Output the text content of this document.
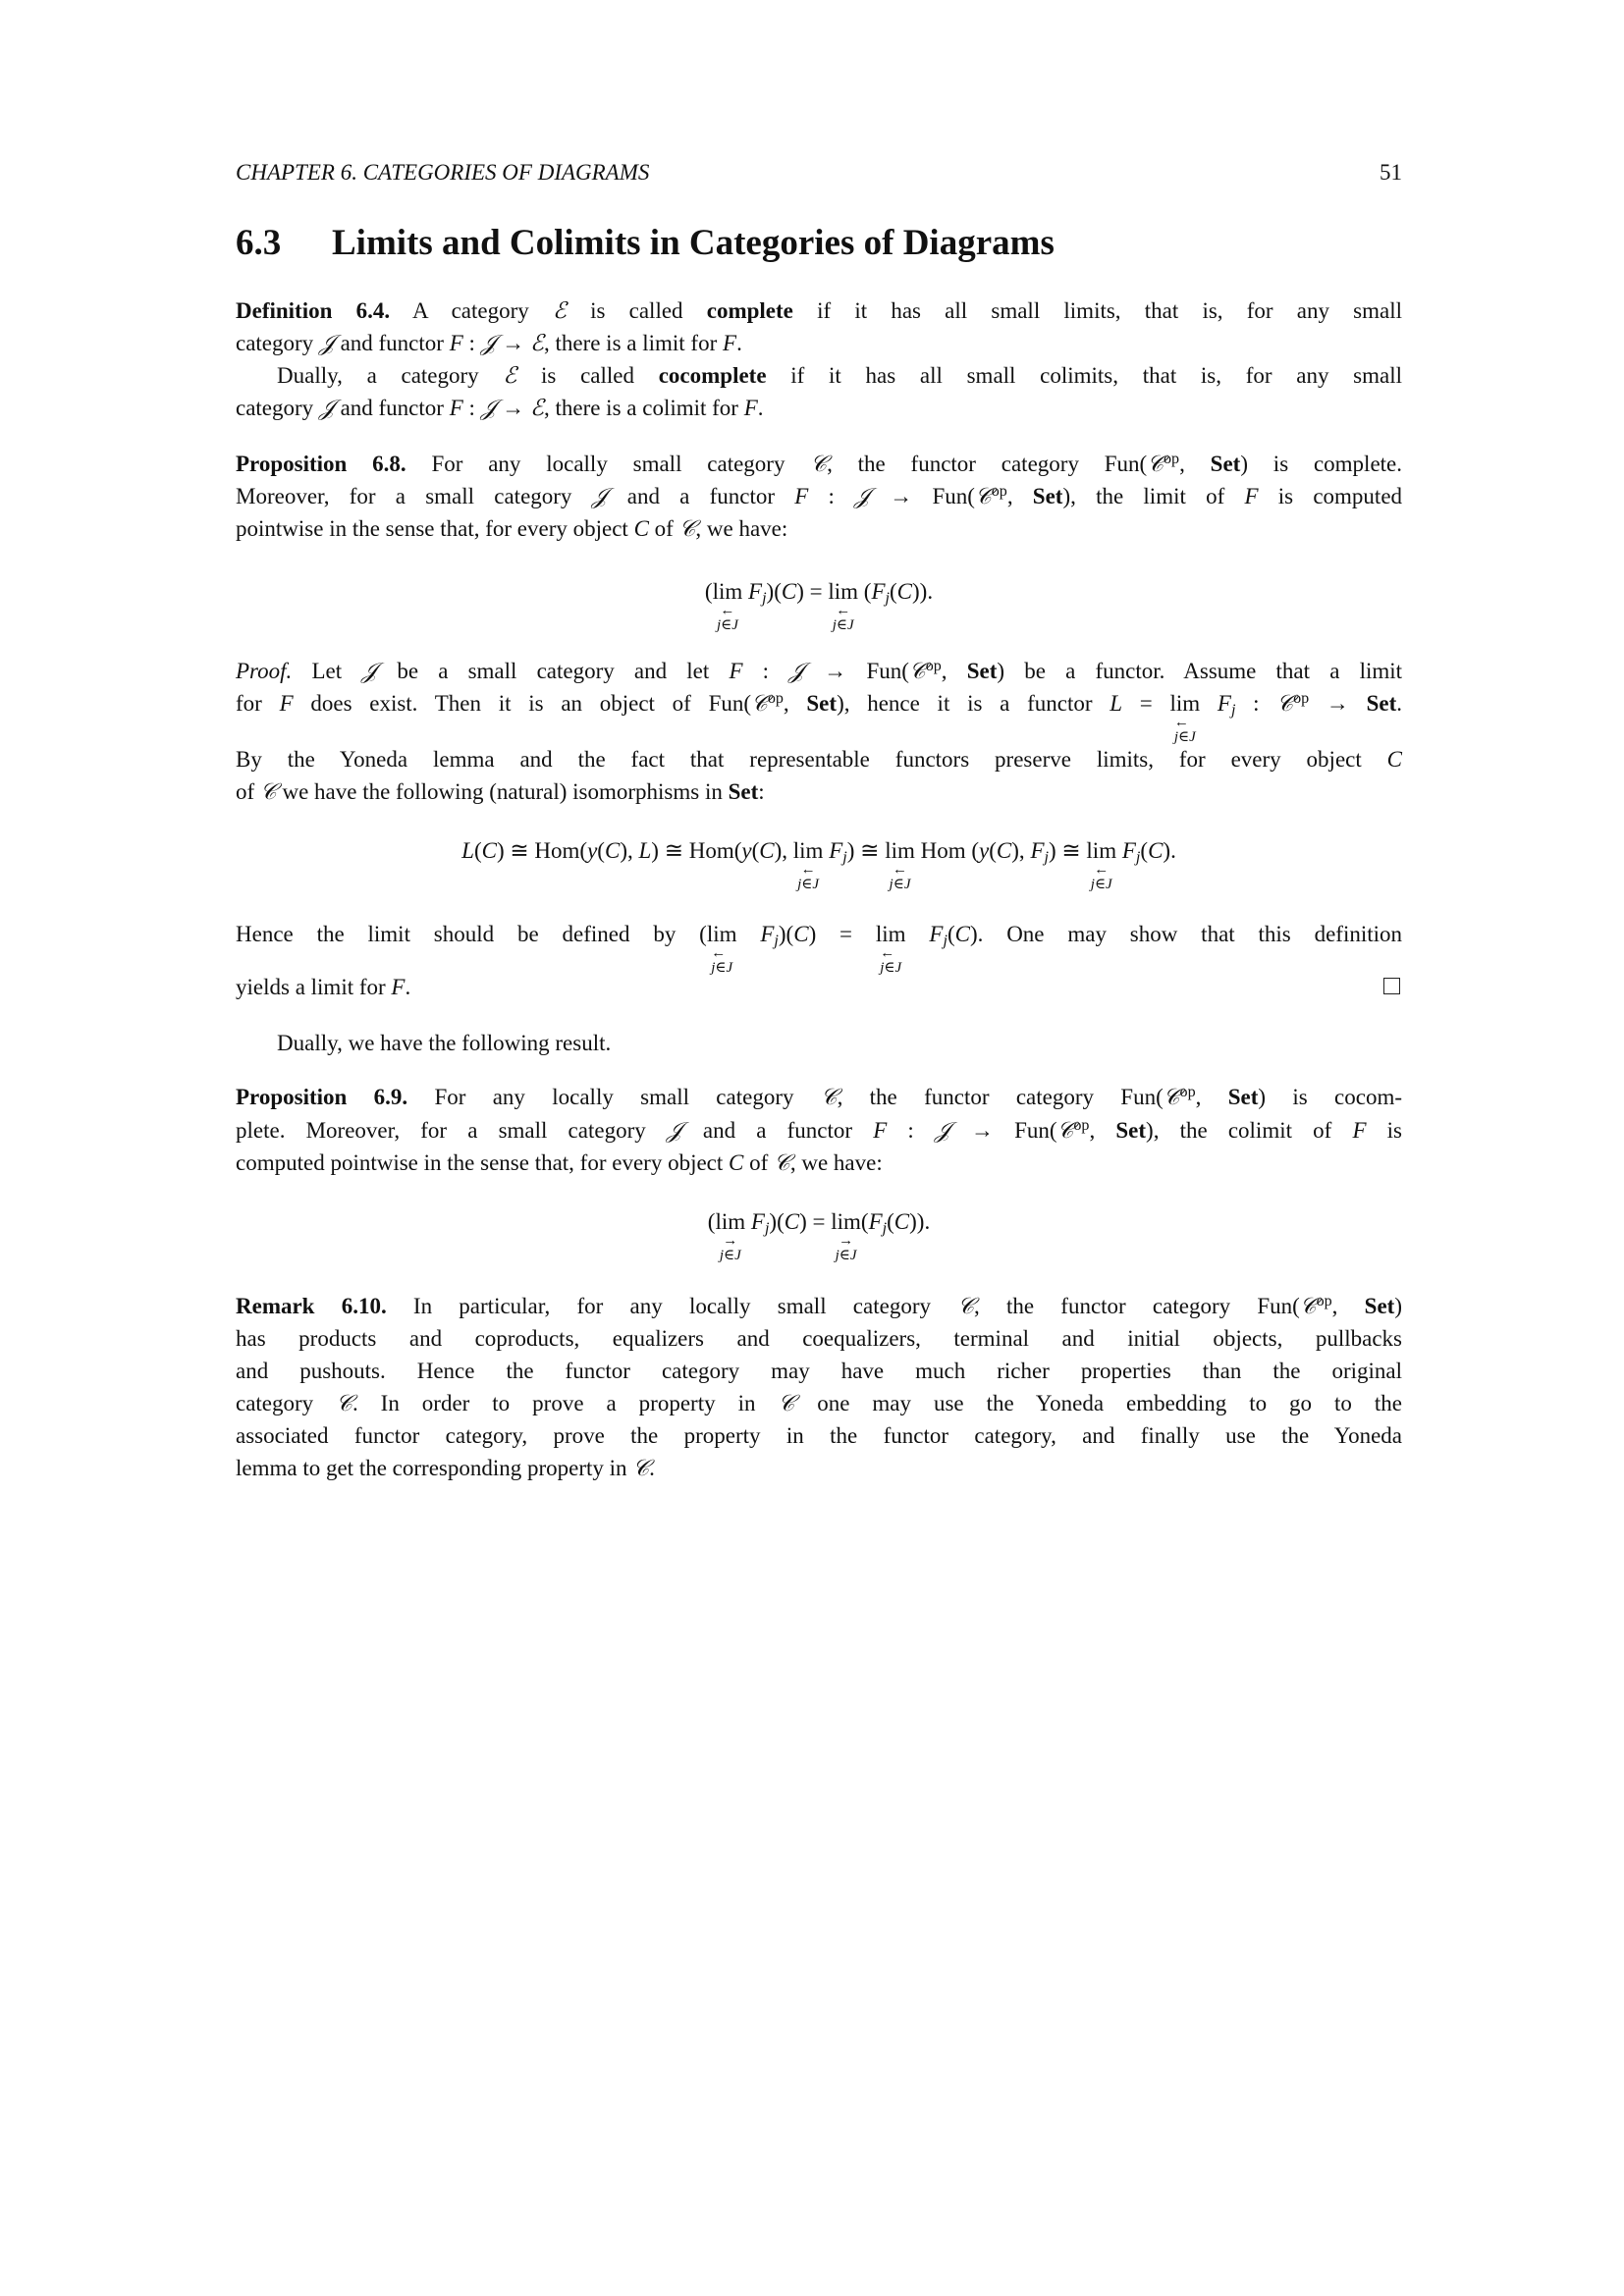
CHAPTER 6. CATEGORIES OF DIAGRAMS	51
6.3 Limits and Colimits in Categories of Diagrams
Definition 6.4. A category ℰ is called complete if it has all small limits, that is, for any small
category 𝒥 and functor F : 𝒥 → ℰ, there is a limit for F.
Dually, a category ℰ is called cocomplete if it has all small colimits, that is, for any small
category 𝒥 and functor F : 𝒥 → ℰ, there is a colimit for F.
Proposition 6.8. For any locally small category 𝒞, the functor category Fun(𝒞$^{op}$, Set) is complete.
Moreover, for a small category 𝒥 and a functor F : 𝒥 → Fun(𝒞$^{op}$, Set), the limit of F is computed
pointwise in the sense that, for every object C of 𝒞, we have:
(lim
←
j∈J
$F_j)(C) = \lim$
←
j∈J
$(F_j(C))$.
Proof. Let 𝒥 be a small category and let F : 𝒥 → Fun(𝒞$^{op}$, Set) be a functor. Assume that a limit
for F does exist. Then it is an object of Fun(𝒞$^{op}$, Set), hence it is a functor L = lim
←
j∈J
$F_j$ : 𝒞$^{op}$ → Set.
By the Yoneda lemma and the fact that representable functors preserve limits, for every object C
of 𝒞 we have the following (natural) isomorphisms in Set:
L(C) ≅ Hom(y(C), L) ≅ Hom(y(C), lim
←
j∈J
$F_j$) ≅ lim
←
j∈J
Hom (y(C), $F_j$) ≅ lim
←
j∈J
$F_j(C)$.
Hence the limit should be defined by (lim
←
j∈J
$F_j)(C) = \lim$
←
j∈J
$F_j(C)$. One may show that this definition
yields a limit for F.
Dually, we have the following result.
Proposition 6.9. For any locally small category 𝒞, the functor category Fun(𝒞$^{op}$, Set) is cocom-
plete. Moreover, for a small category 𝒥 and a functor F : 𝒥 → Fun(𝒞$^{op}$, Set), the colimit of F is
computed pointwise in the sense that, for every object C of 𝒞, we have:
(lim
→
j∈J
$F_j)(C) = \lim$
→
j∈J
$(F_j(C))$.
Remark 6.10. In particular, for any locally small category 𝒞, the functor category Fun(𝒞$^{op}$, Set)
has products and coproducts, equalizers and coequalizers, terminal and initial objects, pullbacks
and pushouts. Hence the functor category may have much richer properties than the original
category 𝒞. In order to prove a property in 𝒞 one may use the Yoneda embedding to go to the
associated functor category, prove the property in the functor category, and finally use the Yoneda
lemma to get the corresponding property in 𝒞.
